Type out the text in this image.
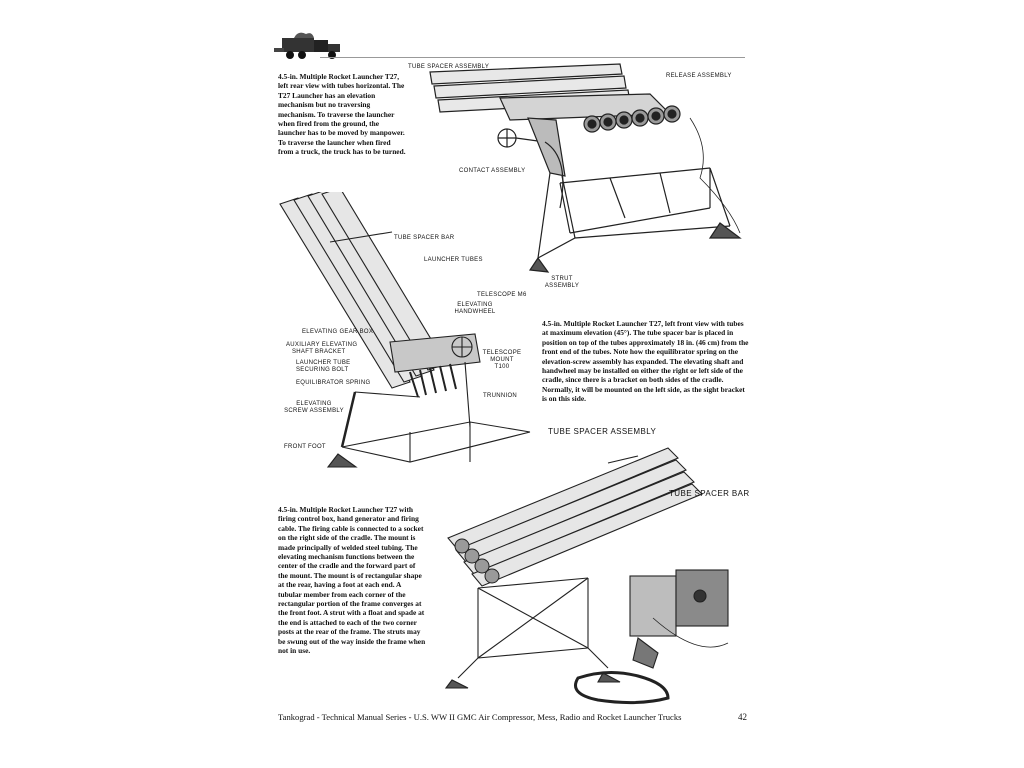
4.5-in. Multiple Rocket Launcher T27, left rear view with tubes horizontal. The T27 Launcher has an elevation mechanism but no traversing mechanism. To traverse the launcher when fired from the ground, the launcher has to be moved by manpower. To traverse the launcher when fired from a truck, the truck has to be turned.

TUBE SPACER ASSEMBLY
RELEASE ASSEMBLY
CONTACT ASSEMBLY
STRUT
ASSEMBLY
TUBE SPACER BAR
LAUNCHER TUBES
TELESCOPE M6
ELEVATING
HANDWHEEL
ELEVATING GEAR BOX
AUXILIARY ELEVATING
SHAFT BRACKET
LAUNCHER TUBE
SECURING BOLT
TELESCOPE
MOUNT
T100
EQUILIBRATOR SPRING
TRUNNION
ELEVATING
SCREW ASSEMBLY
FRONT FOOT

4.5-in. Multiple Rocket Launcher T27, left front view with tubes at maximum elevation (45°). The tube spacer bar is placed in position on top of the tubes approximately 18 in. (46 cm) from the front end of the tubes. Note how the equilibrator spring on the elevation-screw assembly has expanded. The elevating shaft and handwheel may be installed on either the right or left side of the cradle, since there is a bracket on both sides of the cradle. Normally, it will be mounted on the left side, as the sight bracket is on this side.

TUBE SPACER ASSEMBLY
TUBE SPACER BAR

4.5-in. Multiple Rocket Launcher T27 with firing control box, hand generator and firing cable. The firing cable is connected to a socket on the right side of the cradle. The mount is made principally of welded steel tubing. The elevating mechanism functions between the center of the cradle and the forward part of the mount. The mount is of rectangular shape at the rear, having a foot at each end. A tubular member from each corner of the rectangular portion of the frame converges at the front foot. A strut with a float and spade at the end is attached to each of the two corner posts at the rear of the frame. The struts may be swung out of the way inside the frame when not in use.

Tankograd - Technical Manual Series - U.S. WW II GMC Air Compressor, Mess, Radio and Rocket Launcher Trucks	42
